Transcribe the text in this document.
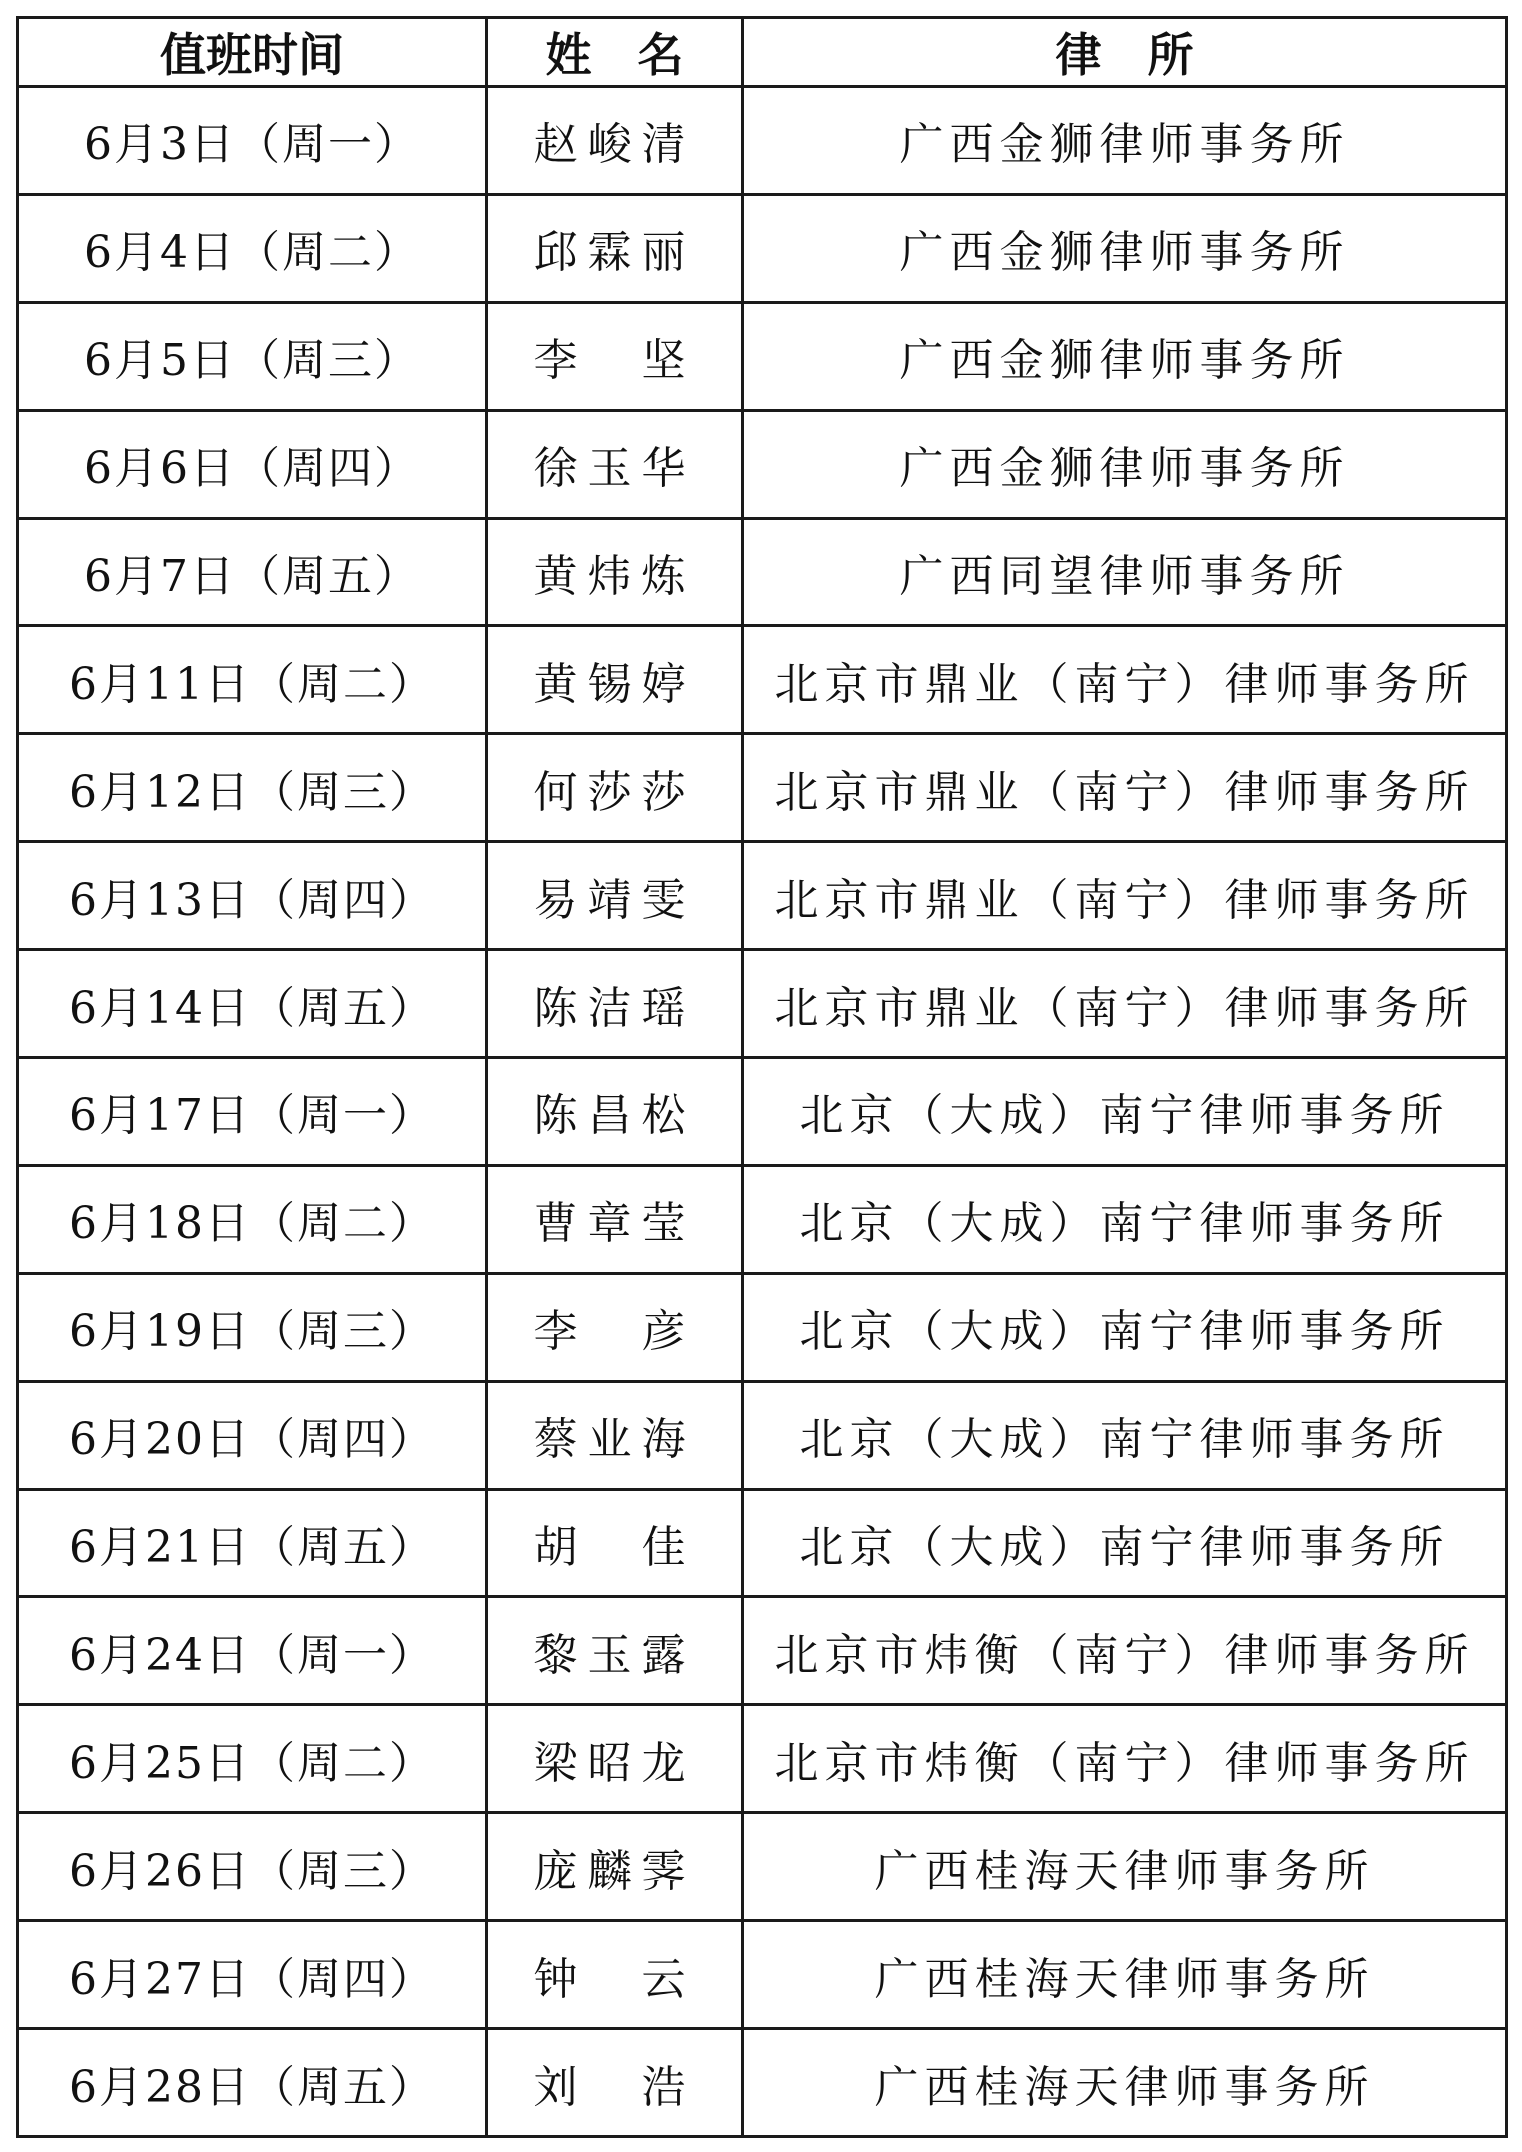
值班时间	姓　名	律　所
6月3日（周一）	赵峻清	广西金狮律师事务所
6月4日（周二）	邱霖丽	广西金狮律师事务所
6月5日（周三）	李　坚	广西金狮律师事务所
6月6日（周四）	徐玉华	广西金狮律师事务所
6月7日（周五）	黄炜炼	广西同望律师事务所
6月11日（周二）	黄锡婷	北京市鼎业（南宁）律师事务所
6月12日（周三）	何莎莎	北京市鼎业（南宁）律师事务所
6月13日（周四）	易靖雯	北京市鼎业（南宁）律师事务所
6月14日（周五）	陈洁瑶	北京市鼎业（南宁）律师事务所
6月17日（周一）	陈昌松	北京（大成）南宁律师事务所
6月18日（周二）	曹章莹	北京（大成）南宁律师事务所
6月19日（周三）	李　彦	北京（大成）南宁律师事务所
6月20日（周四）	蔡业海	北京（大成）南宁律师事务所
6月21日（周五）	胡　佳	北京（大成）南宁律师事务所
6月24日（周一）	黎玉露	北京市炜衡（南宁）律师事务所
6月25日（周二）	梁昭龙	北京市炜衡（南宁）律师事务所
6月26日（周三）	庞麟霁	广西桂海天律师事务所
6月27日（周四）	钟　云	广西桂海天律师事务所
6月28日（周五）	刘　浩	广西桂海天律师事务所
